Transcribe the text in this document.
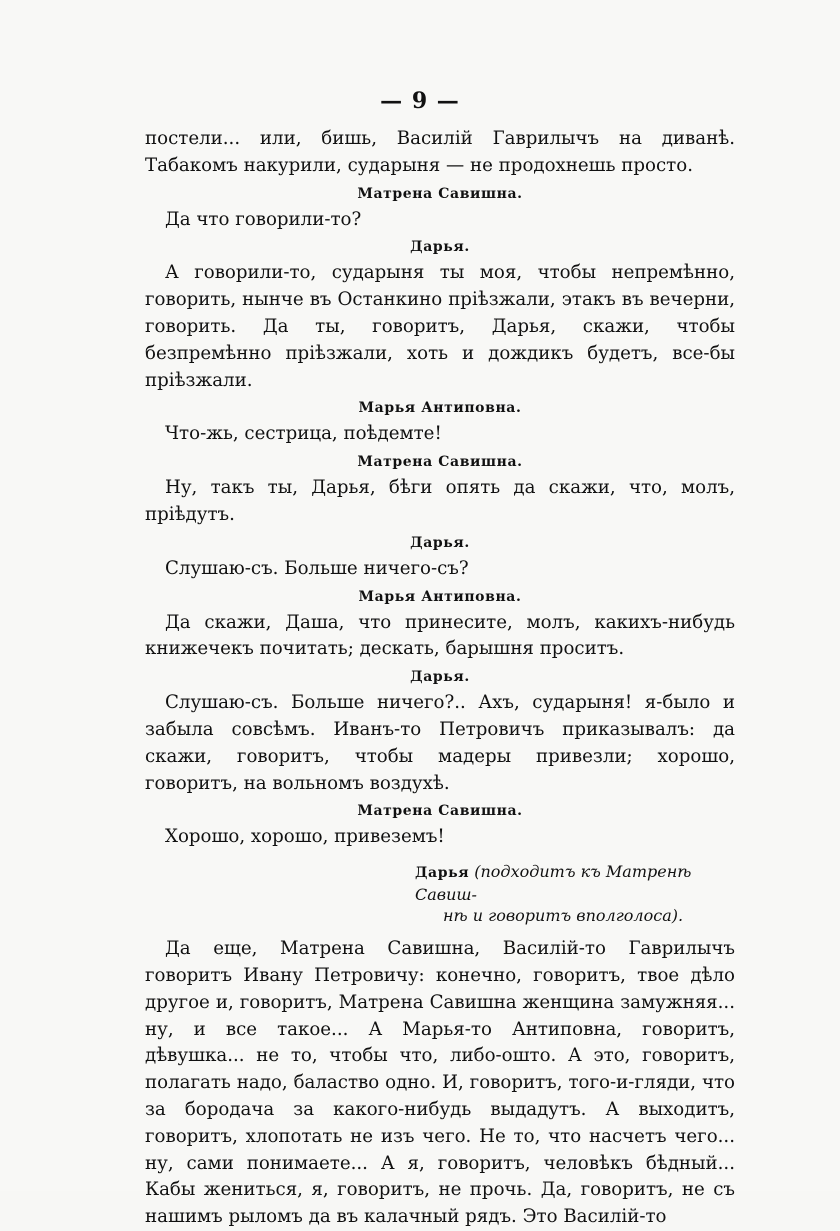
— 9 —

постели... или, бишь, Василій Гаврилычъ на диванѣ. Табакомъ накурили, сударыня — не продохнешь просто.

Матрена Савишна.

Да что говорили-то?

Дарья.

А говорили-то, сударыня ты моя, чтобы непремѣнно, говорить, нынче въ Останкино пріѣзжали, этакъ въ вечерни, говорить. Да ты, говоритъ, Дарья, скажи, чтобы безпремѣнно пріѣзжали, хоть и дождикъ будетъ, все-бы пріѣзжали.

Марья Антиповна.

Что-жь, сестрица, поѣдемте!

Матрена Савишна.

Ну, такъ ты, Дарья, бѣги опять да скажи, что, молъ, пріѣдутъ.

Дарья.

Слушаю-съ. Больше ничего-съ?

Марья Антиповна.

Да скажи, Даша, что принесите, молъ, какихъ-нибудь книжечекъ почитать; дескать, барышня проситъ.

Дарья.

Слушаю-съ. Больше ничего?.. Ахъ, сударыня! я-было и забыла совсѣмъ. Иванъ-то Петровичъ приказывалъ: да скажи, говоритъ, чтобы мадеры привезли; хорошо, говоритъ, на вольномъ воздухѣ.

Матрена Савишна.

Хорошо, хорошо, привеземъ!

Дарья (подходитъ къ Матренѣ Савиш-
нѣ и говоритъ вполголоса).

Да еще, Матрена Савишна, Василій-то Гаврилычъ говоритъ Ивану Петровичу: конечно, говоритъ, твое дѣло другое и, говоритъ, Матрена Савишна женщина замужняя... ну, и все такое... А Марья-то Антиповна, говоритъ, дѣвушка... не то, чтобы что, либо-ошто. А это, говоритъ, полагать надо, баластво одно. И, говоритъ, того-и-гляди, что за бородача за какого-нибудь выдадутъ. А выходитъ, говоритъ, хлопотать не изъ чего. Не то, что насчетъ чего... ну, сами понимаете... А я, говоритъ, человѣкъ бѣдный... Кабы жениться, я, говоритъ, не прочь. Да, говоритъ, не съ нашимъ рыломъ да въ калачный рядъ. Это Василій-то
